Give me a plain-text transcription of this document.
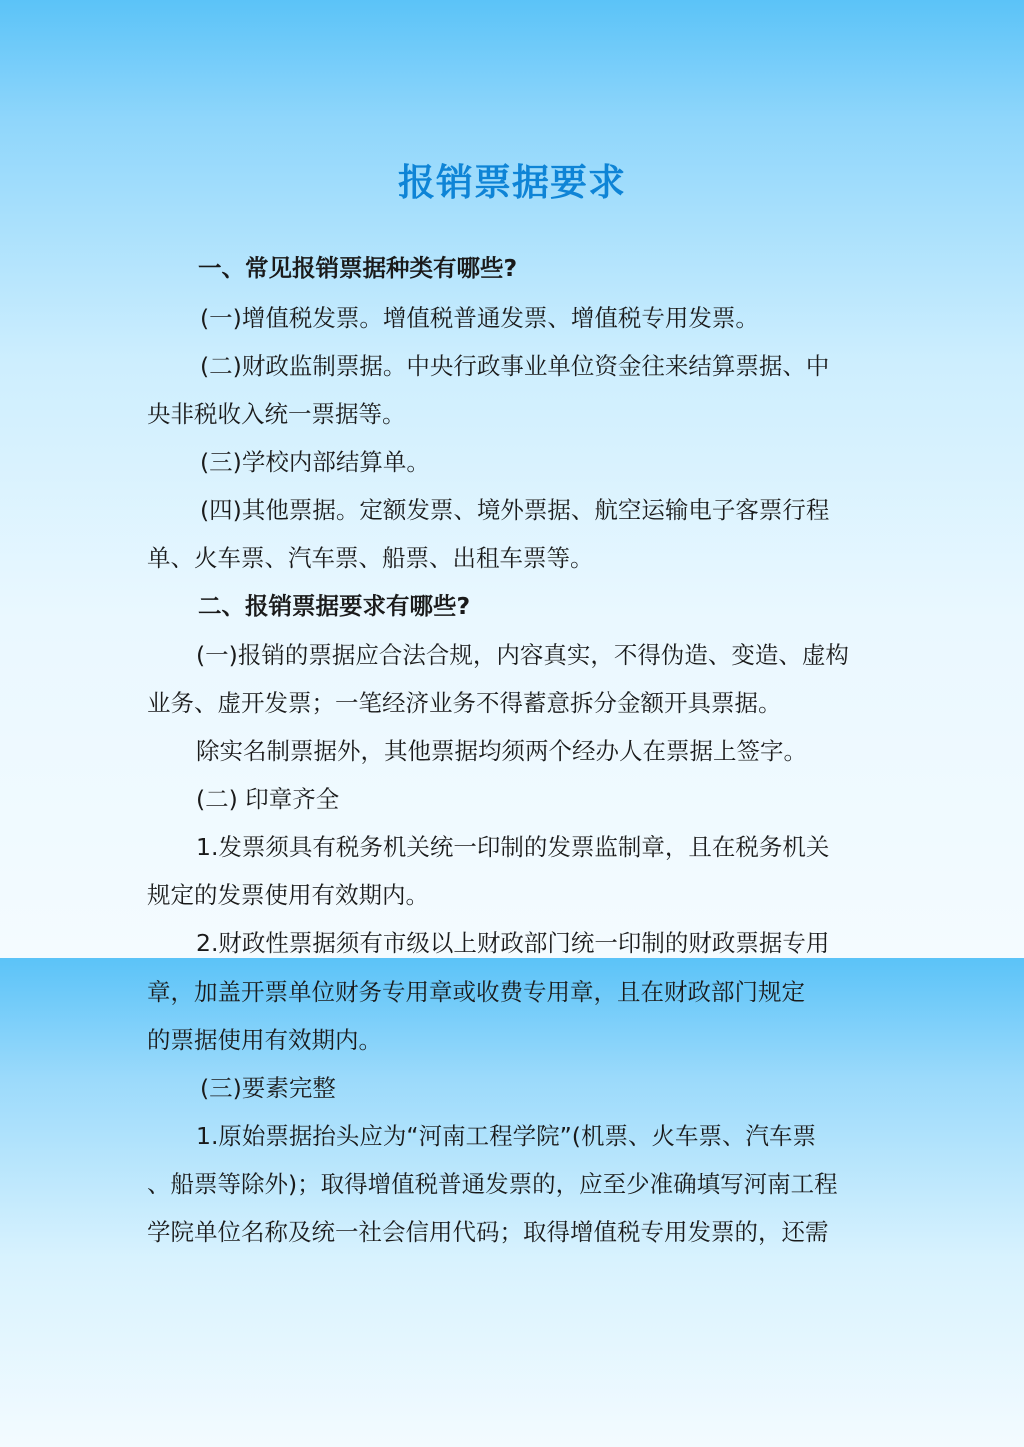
报销票据要求
一、常见报销票据种类有哪些?
(一)增值税发票。增值税普通发票、增值税专用发票。
(二)财政监制票据。中央行政事业单位资金往来结算票据、中
央非税收入统一票据等。
(三)学校内部结算单。
(四)其他票据。定额发票、境外票据、航空运输电子客票行程
单、火车票、汽车票、船票、出租车票等。
二、报销票据要求有哪些?
(一)报销的票据应合法合规，内容真实，不得伪造、变造、虚构
业务、虚开发票；一笔经济业务不得蓄意拆分金额开具票据。
除实名制票据外，其他票据均须两个经办人在票据上签字。
(二) 印章齐全
1.发票须具有税务机关统一印制的发票监制章，且在税务机关
规定的发票使用有效期内。
2.财政性票据须有市级以上财政部门统一印制的财政票据专用
章，加盖开票单位财务专用章或收费专用章，且在财政部门规定
的票据使用有效期内。
(三)要素完整
1.原始票据抬头应为“河南工程学院”(机票、火车票、汽车票
、船票等除外)；取得增值税普通发票的，应至少准确填写河南工程
学院单位名称及统一社会信用代码；取得增值税专用发票的，还需
